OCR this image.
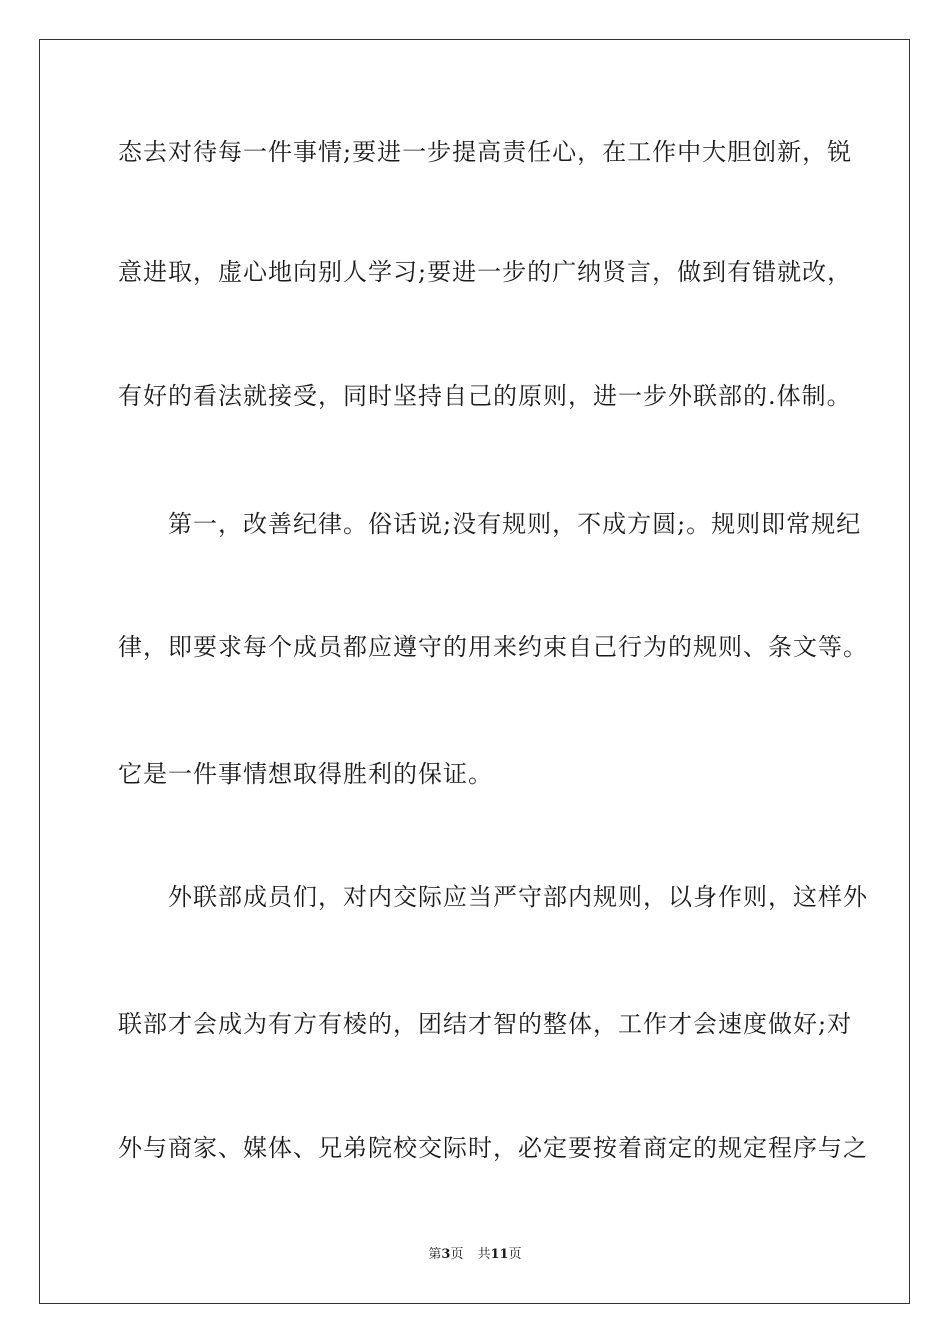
态去对待每一件事情;要进一步提高责任心，在工作中大胆创新，锐
意进取，虚心地向别人学习;要进一步的广纳贤言，做到有错就改，
有好的看法就接受，同时坚持自己的原则，进一步外联部的.体制。
　　第一，改善纪律。俗话说;没有规则，不成方圆;。规则即常规纪
律，即要求每个成员都应遵守的用来约束自己行为的规则、条文等。
它是一件事情想取得胜利的保证。
　　外联部成员们，对内交际应当严守部内规则，以身作则，这样外
联部才会成为有方有棱的，团结才智的整体，工作才会速度做好;对
外与商家、媒体、兄弟院校交际时，必定要按着商定的规定程序与之
第3页 共11页
